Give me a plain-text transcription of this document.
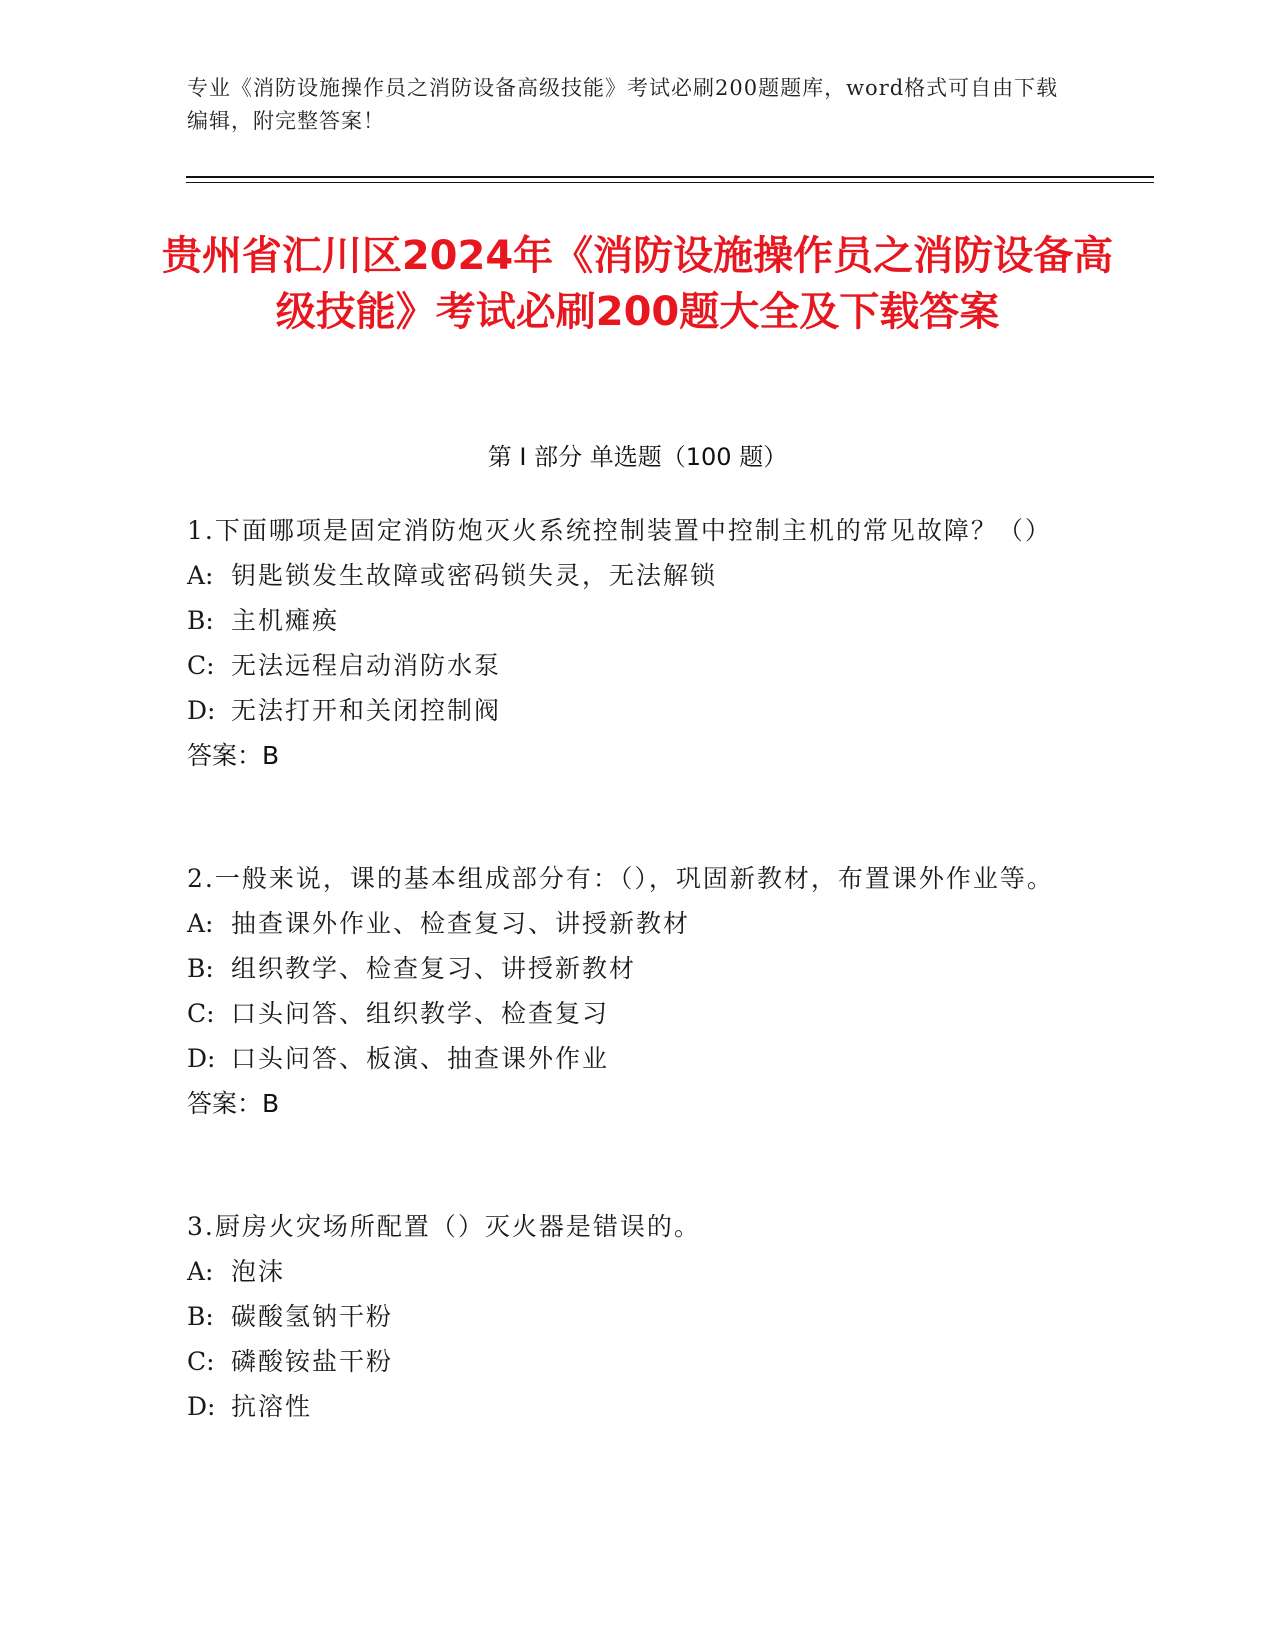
专业《消防设施操作员之消防设备高级技能》考试必刷200题题库，word格式可自由下载编辑，附完整答案！
贵州省汇川区2024年《消防设施操作员之消防设备高级技能》考试必刷200题大全及下载答案
第 I 部分 单选题（100 题）
1.下面哪项是固定消防炮灭火系统控制装置中控制主机的常见故障？（）
A: 钥匙锁发生故障或密码锁失灵，无法解锁
B: 主机瘫痪
C: 无法远程启动消防水泵
D: 无法打开和关闭控制阀
答案：B
2.一般来说，课的基本组成部分有：（），巩固新教材，布置课外作业等。
A: 抽查课外作业、检查复习、讲授新教材
B: 组织教学、检查复习、讲授新教材
C: 口头问答、组织教学、检查复习
D: 口头问答、板演、抽查课外作业
答案：B
3.厨房火灾场所配置（）灭火器是错误的。
A: 泡沫
B: 碳酸氢钠干粉
C: 磷酸铵盐干粉
D: 抗溶性
